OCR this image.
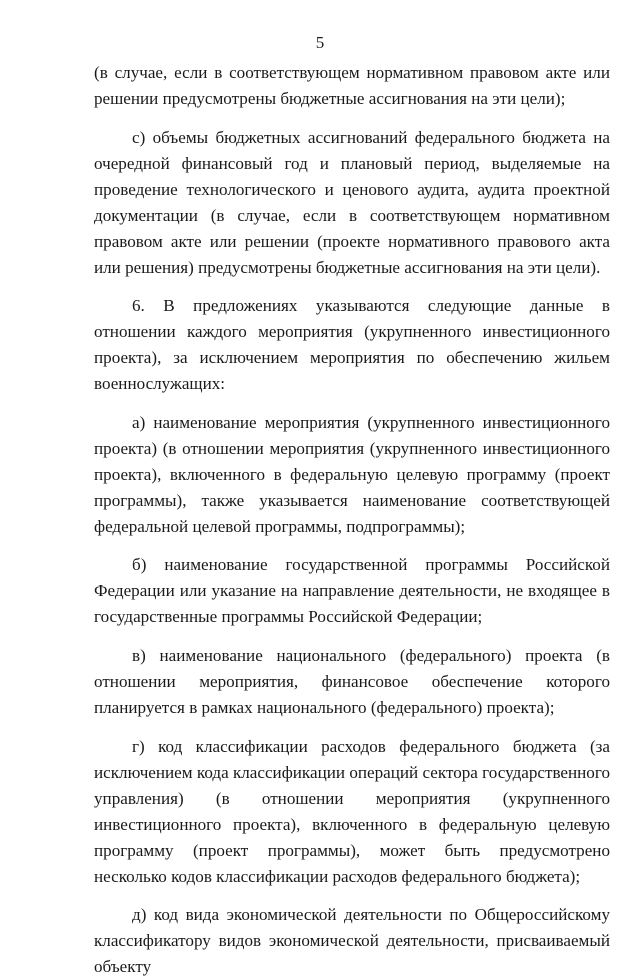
5

(в случае, если в соответствующем нормативном правовом акте или решении предусмотрены бюджетные ассигнования на эти цели);

с) объемы бюджетных ассигнований федерального бюджета на очередной финансовый год и плановый период, выделяемые на проведение технологического и ценового аудита, аудита проектной документации (в случае, если в соответствующем нормативном правовом акте или решении (проекте нормативного правового акта или решения) предусмотрены бюджетные ассигнования на эти цели).

6. В предложениях указываются следующие данные в отношении каждого мероприятия (укрупненного инвестиционного проекта), за исключением мероприятия по обеспечению жильем военнослужащих:

а) наименование мероприятия (укрупненного инвестиционного проекта) (в отношении мероприятия (укрупненного инвестиционного проекта), включенного в федеральную целевую программу (проект программы), также указывается наименование соответствующей федеральной целевой программы, подпрограммы);

б) наименование государственной программы Российской Федерации или указание на направление деятельности, не входящее в государственные программы Российской Федерации;

в) наименование национального (федерального) проекта (в отношении мероприятия, финансовое обеспечение которого планируется в рамках национального (федерального) проекта);

г) код классификации расходов федерального бюджета (за исключением кода классификации операций сектора государственного управления) (в отношении мероприятия (укрупненного инвестиционного проекта), включенного в федеральную целевую программу (проект программы), может быть предусмотрено несколько кодов классификации расходов федерального бюджета);

д) код вида экономической деятельности по Общероссийскому классификатору видов экономической деятельности, присваиваемый объекту
